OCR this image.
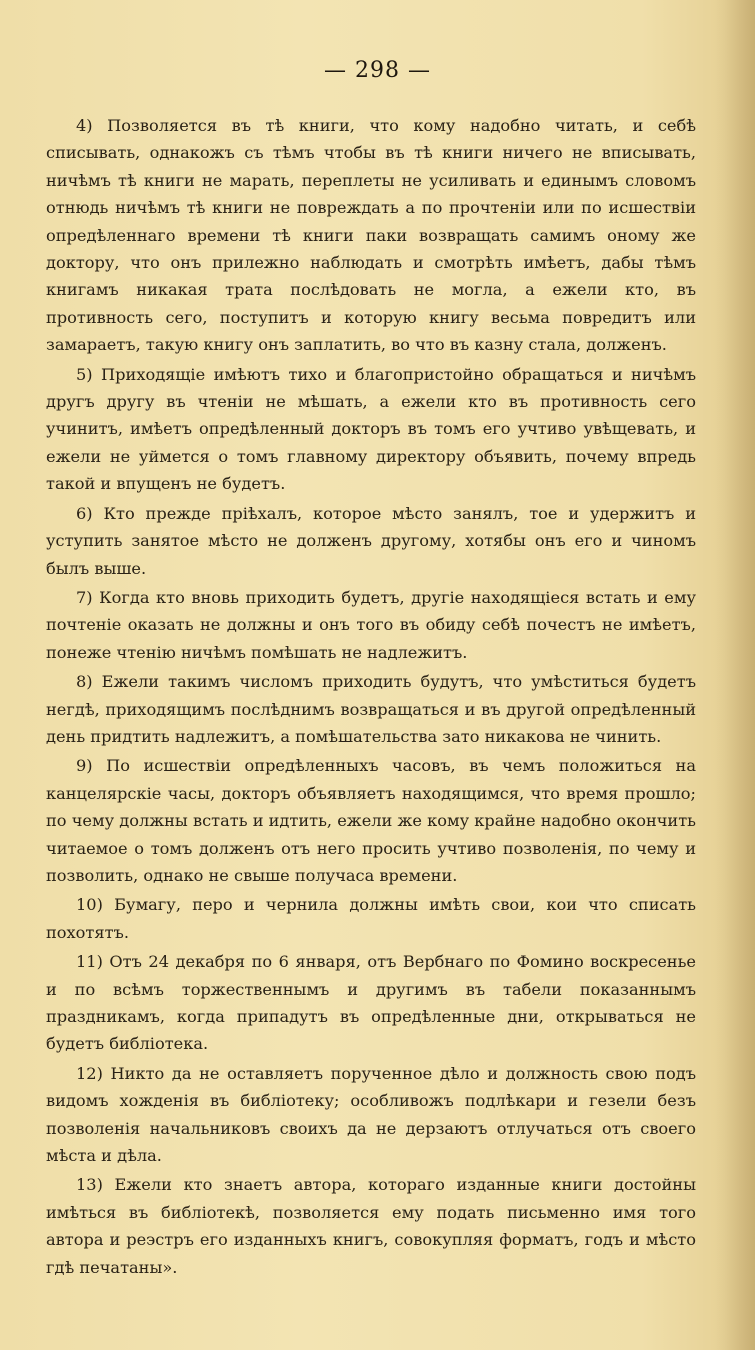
— 298 —

4) Позволяется въ тѣ книги, что кому надобно читать, и себѣ списывать, однакожъ съ тѣмъ чтобы въ тѣ книги ничего не вписывать, ничѣмъ тѣ книги не марать, переплеты не усиливать и единымъ словомъ отнюдь ничѣмъ тѣ книги не повреждать а по прочтеніи или по исшествіи опредѣленнаго времени тѣ книги паки возвращать самимъ оному же доктору, что онъ прилежно наблюдать и смотрѣть имѣетъ, дабы тѣмъ книгамъ никакая трата послѣдовать не могла, а ежели кто, въ противность сего, поступитъ и которую книгу весьма повредитъ или замараетъ, такую книгу онъ заплатить, во что въ казну стала, долженъ.

5) Приходящіе имѣютъ тихо и благопристойно обращаться и ничѣмъ другъ другу въ чтеніи не мѣшать, а ежели кто въ противность сего учинитъ, имѣетъ опредѣленный докторъ въ томъ его учтиво увѣщевать, и ежели не уймется о томъ главному директору объявить, почему впредь такой и впущенъ не будетъ.

6) Кто прежде пріѣхалъ, которое мѣсто занялъ, тое и удержитъ и уступить занятое мѣсто не долженъ другому, хотябы онъ его и чиномъ былъ выше.

7) Когда кто вновь приходить будетъ, другіе находящіеся встать и ему почтеніе оказать не должны и онъ того въ обиду себѣ почестъ не имѣетъ, понеже чтенію ничѣмъ помѣшать не надлежитъ.

8) Ежели такимъ числомъ приходить будутъ, что умѣститься будетъ негдѣ, приходящимъ послѣднимъ возвращаться и въ другой опредѣленный день придтить надлежитъ, а помѣшательства зато никакова не чинить.

9) По исшествіи опредѣленныхъ часовъ, въ чемъ положиться на канцелярскіе часы, докторъ объявляетъ находящимся, что время прошло; по чему должны встать и идтить, ежели же кому крайне надобно окончить читаемое о томъ долженъ отъ него просить учтиво позволенія, по чему и позволить, однако не свыше получаса времени.

10) Бумагу, перо и чернила должны имѣть свои, кои что списать похотятъ.

11) Отъ 24 декабря по 6 января, отъ Вербнаго по Фомино воскресенье и по всѣмъ торжественнымъ и другимъ въ табели показаннымъ праздникамъ, когда припадутъ въ опредѣленные дни, открываться не будетъ библіотека.

12) Никто да не оставляетъ порученное дѣло и должность свою подъ видомъ хожденія въ библіотеку; особливожъ подлѣкари и гезели безъ позволенія начальниковъ своихъ да не дерзаютъ отлучаться отъ своего мѣста и дѣла.

13) Ежели кто знаетъ автора, котораго изданные книги достойны имѣться въ библіотекѣ, позволяется ему подать письменно имя того автора и реэстръ его изданныхъ книгъ, совокупляя форматъ, годъ и мѣсто гдѣ печатаны».
